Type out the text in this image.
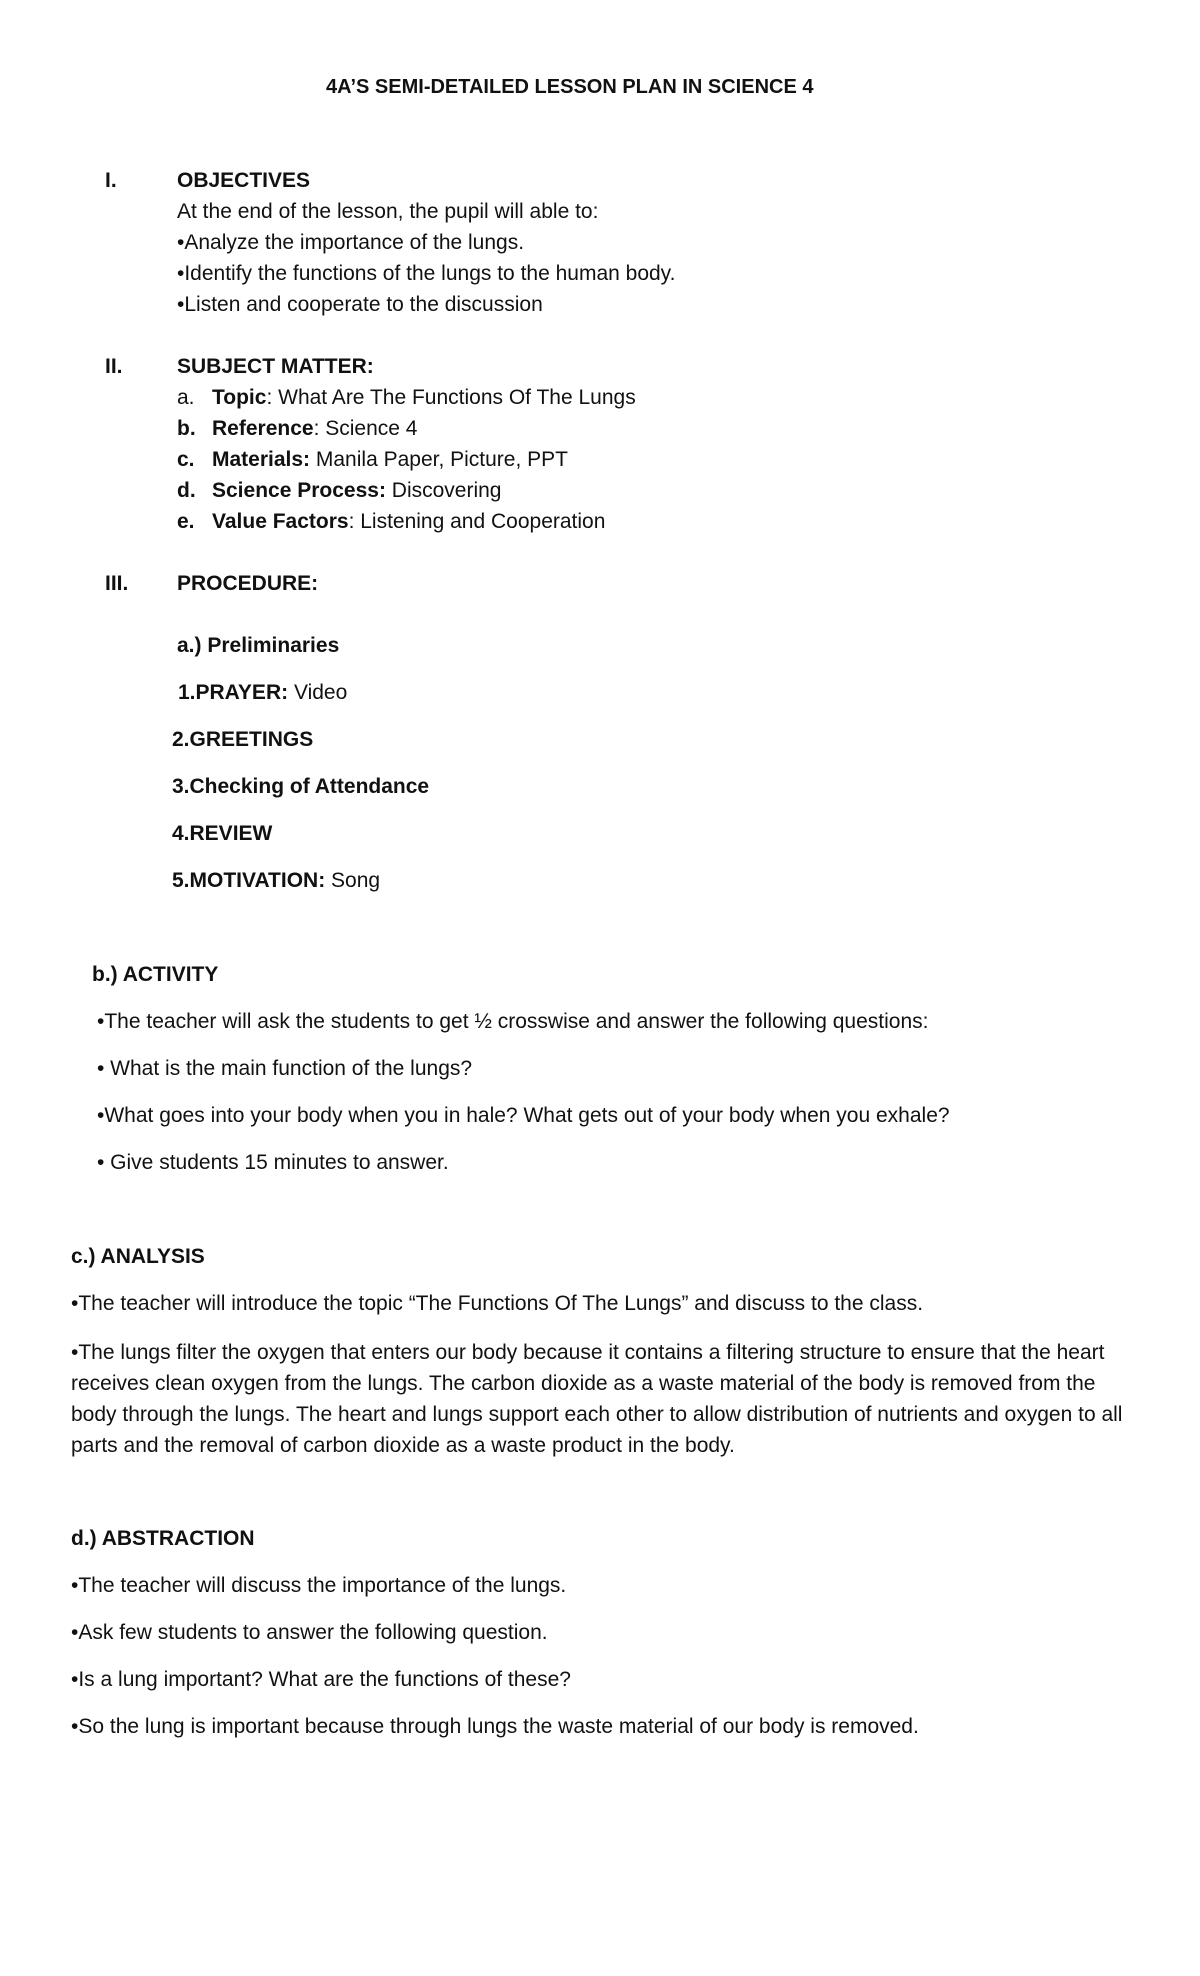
4A’S SEMI-DETAILED LESSON PLAN IN SCIENCE 4
I.	OBJECTIVES
At the end of the lesson, the pupil will able to:
•Analyze the importance of the lungs.
•Identify the functions of the lungs to the human body.
•Listen and cooperate to the discussion
II.	SUBJECT MATTER:
a. Topic: What Are The Functions Of The Lungs
b. Reference: Science 4
c. Materials: Manila Paper, Picture, PPT
d. Science Process: Discovering
e. Value Factors: Listening and Cooperation
III. PROCEDURE:
a.) Preliminaries
1.PRAYER: Video
2.GREETINGS
3.Checking of Attendance
4.REVIEW
5.MOTIVATION: Song
b.) ACTIVITY
•The teacher will ask the students to get ½ crosswise and answer the following questions:
• What is the main function of the lungs?
•What goes into your body when you in hale? What gets out of your body when you exhale?
• Give students 15 minutes to answer.
c.) ANALYSIS
•The teacher will introduce the topic “The Functions Of The Lungs” and discuss to the class.
•The lungs filter the oxygen that enters our body because it contains a filtering structure to ensure that the heart receives clean oxygen from the lungs. The carbon dioxide as a waste material of the body is removed from the body through the lungs. The heart and lungs support each other to allow distribution of nutrients and oxygen to all parts and the removal of carbon dioxide as a waste product in the body.
d.) ABSTRACTION
•The teacher will discuss the importance of the lungs.
•Ask few students to answer the following question.
•Is a lung important? What are the functions of these?
•So the lung is important because through lungs the waste material of our body is removed.
